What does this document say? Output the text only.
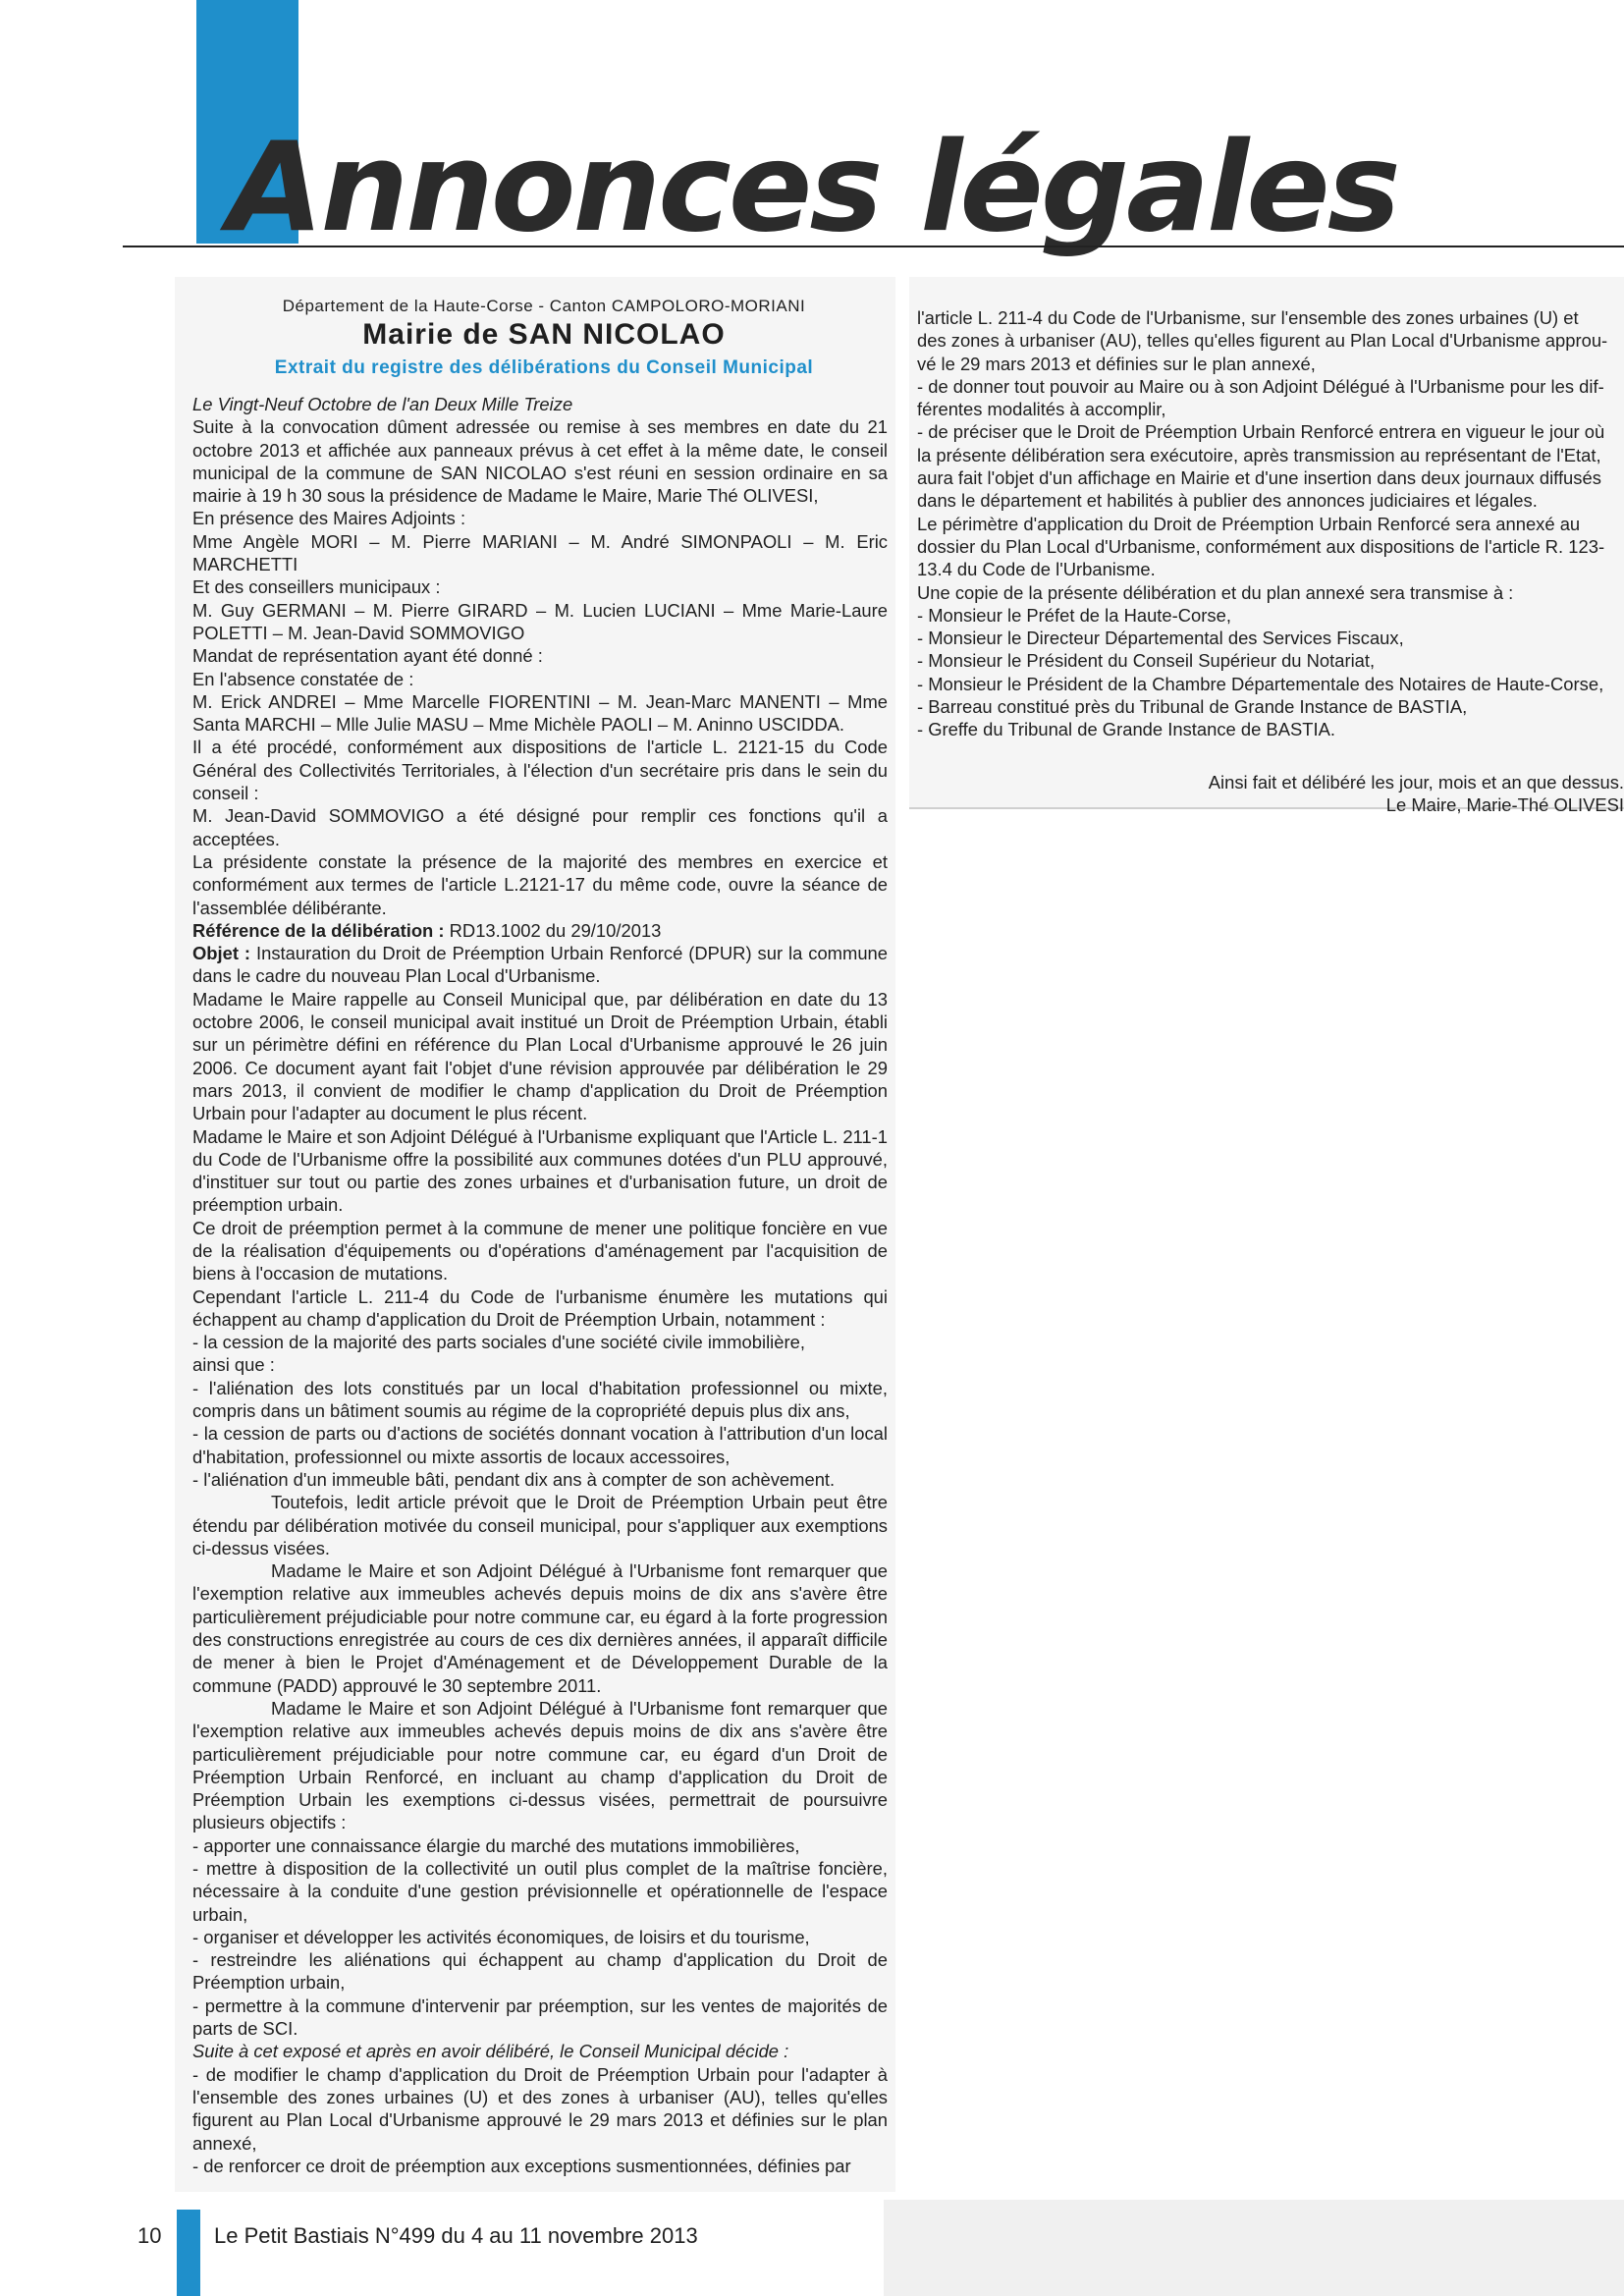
Annonces légales
Département de la Haute-Corse - Canton CAMPOLORO-MORIANI
Mairie de SAN NICOLAO
Extrait du registre des délibérations du Conseil Municipal

Le Vingt-Neuf Octobre de l'an Deux Mille Treize

Suite à la convocation dûment adressée ou remise à ses membres en date du 21 octobre 2013 et affichée aux panneaux prévus à cet effet à la même date, le conseil municipal de la commune de SAN NICOLAO s'est réuni en session ordinaire en sa mairie à 19 h 30 sous la présidence de Madame le Maire, Marie Thé OLIVESI,

En présence des Maires Adjoints :

Mme Angèle MORI – M. Pierre MARIANI – M. André SIMONPAOLI – M. Eric MARCHETTI

Et des conseillers municipaux :

M. Guy GERMANI – M. Pierre GIRARD – M. Lucien LUCIANI – Mme Marie-Laure POLETTI – M. Jean-David SOMMOVIGO

Mandat de représentation ayant été donné :

En l'absence constatée de :

M. Erick ANDREI – Mme Marcelle FIORENTINI – M. Jean-Marc MANENTI – Mme Santa MARCHI – Mlle Julie MASU – Mme Michèle PAOLI – M. Aninno USCIDDA.

Il a été procédé, conformément aux dispositions de l'article L. 2121-15 du Code Général des Collectivités Territoriales, à l'élection d'un secrétaire pris dans le sein du conseil :

M. Jean-David SOMMOVIGO a été désigné pour remplir ces fonctions qu'il a acceptées.

La présidente constate la présence de la majorité des membres en exercice et conformément aux termes de l'article L.2121-17 du même code, ouvre la séance de l'assemblée délibérante.

Référence de la délibération : RD13.1002 du 29/10/2013

Objet : Instauration du Droit de Préemption Urbain Renforcé (DPUR) sur la commune dans le cadre du nouveau Plan Local d'Urbanisme.

Madame le Maire rappelle au Conseil Municipal que, par délibération en date du 13 octobre 2006, le conseil municipal avait institué un Droit de Préemption Urbain, établi sur un périmètre défini en référence du Plan Local d'Urbanisme approuvé le 26 juin 2006. Ce document ayant fait l'objet d'une révision approuvée par délibération le 29 mars 2013, il convient de modifier le champ d'application du Droit de Préemption Urbain pour l'adapter au document le plus récent.

Madame le Maire et son Adjoint Délégué à l'Urbanisme expliquant que l'Article L. 211-1 du Code de l'Urbanisme offre la possibilité aux communes dotées d'un PLU approuvé, d'instituer sur tout ou partie des zones urbaines et d'urbanisation future, un droit de préemption urbain.

Ce droit de préemption permet à la commune de mener une politique foncière en vue de la réalisation d'équipements ou d'opérations d'aménagement par l'acquisition de biens à l'occasion de mutations.

Cependant l'article L. 211-4 du Code de l'urbanisme énumère les mutations qui échappent au champ d'application du Droit de Préemption Urbain, notamment :

- la cession de la majorité des parts sociales d'une société civile immobilière,

ainsi que :

- l'aliénation des lots constitués par un local d'habitation professionnel ou mixte, compris dans un bâtiment soumis au régime de la copropriété depuis plus dix ans,

- la cession de parts ou d'actions de sociétés donnant vocation à l'attribution d'un local d'habitation, professionnel ou mixte assortis de locaux accessoires,

- l'aliénation d'un immeuble bâti, pendant dix ans à compter de son achèvement.

Toutefois, ledit article prévoit que le Droit de Préemption Urbain peut être étendu par délibération motivée du conseil municipal, pour s'appliquer aux exemptions ci-dessus visées.

Madame le Maire et son Adjoint Délégué à l'Urbanisme font remarquer que l'exemption relative aux immeubles achevés depuis moins de dix ans s'avère être particulièrement préjudiciable pour notre commune car, eu égard à la forte progression des constructions enregistrée au cours de ces dix dernières années, il apparaît difficile de mener à bien le Projet d'Aménagement et de Développement Durable de la commune (PADD) approuvé le 30 septembre 2011.

Madame le Maire et son Adjoint Délégué à l'Urbanisme font remarquer que l'exemption relative aux immeubles achevés depuis moins de dix ans s'avère être particulièrement préjudiciable pour notre commune car, eu égard d'un Droit de Préemption Urbain Renforcé, en incluant au champ d'application du Droit de Préemption Urbain les exemptions ci-dessus visées, permettrait de poursuivre plusieurs objectifs :

- apporter une connaissance élargie du marché des mutations immobilières,

- mettre à disposition de la collectivité un outil plus complet de la maîtrise foncière, nécessaire à la conduite d'une gestion prévisionnelle et opérationnelle de l'espace urbain,

- organiser et développer les activités économiques, de loisirs et du tourisme,

- restreindre les aliénations qui échappent au champ d'application du Droit de Préemption urbain,

- permettre à la commune d'intervenir par préemption, sur les ventes de majorités de parts de SCI.

Suite à cet exposé et après en avoir délibéré, le Conseil Municipal décide :

- de modifier le champ d'application du Droit de Préemption Urbain pour l'adapter à l'ensemble des zones urbaines (U) et des zones à urbaniser (AU), telles qu'elles figurent au Plan Local d'Urbanisme approuvé le 29 mars 2013 et définies sur le plan annexé,

- de renforcer ce droit de préemption aux exceptions susmentionnées, définies par

l'article L. 211-4 du Code de l'Urbanisme, sur l'ensemble des zones urbaines (U) et

des zones à urbaniser (AU), telles qu'elles figurent au Plan Local d'Urbanisme approu-

vé le 29 mars 2013 et définies sur le plan annexé,

- de donner tout pouvoir au Maire ou à son Adjoint Délégué à l'Urbanisme pour les dif-

férentes modalités à accomplir,

- de préciser que le Droit de Préemption Urbain Renforcé entrera en vigueur le jour où

la présente délibération sera exécutoire, après transmission au représentant de l'Etat,

aura fait l'objet d'un affichage en Mairie et d'une insertion dans deux journaux diffusés

dans le département et habilités à publier des annonces judiciaires et légales.

Le périmètre d'application du Droit de Préemption Urbain Renforcé sera annexé au

dossier du Plan Local d'Urbanisme, conformément aux dispositions de l'article R. 123-

13.4 du Code de l'Urbanisme.

Une copie de la présente délibération et du plan annexé sera transmise à :

- Monsieur le Préfet de la Haute-Corse,

- Monsieur le Directeur Départemental des Services Fiscaux,

- Monsieur le Président du Conseil Supérieur du Notariat,

- Monsieur le Président de la Chambre Départementale des Notaires de Haute-Corse,

- Barreau constitué près du Tribunal de Grande Instance de BASTIA,

- Greffe du Tribunal de Grande Instance de BASTIA.

Ainsi fait et délibéré les jour, mois et an que dessus.

Le Maire, Marie-Thé OLIVESI

10 Le Petit Bastiais N°499 du 4 au 11 novembre 2013
